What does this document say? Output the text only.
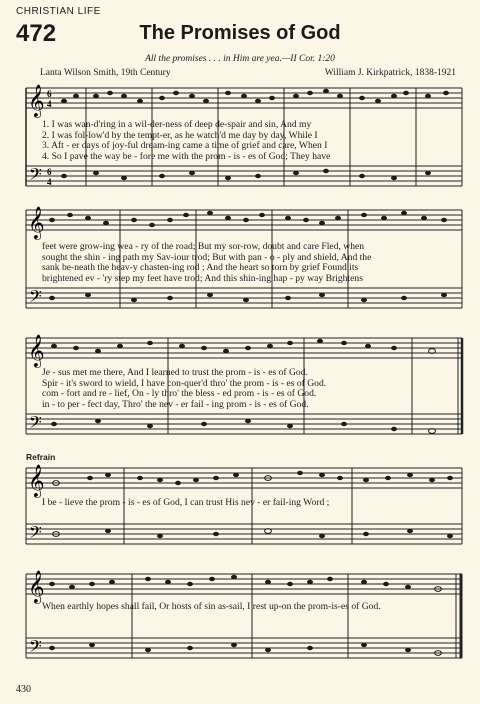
CHRISTIAN LIFE
472	The Promises of God
All the promises . . . in Him are yea.—II Cor. 1:20
Lanta Wilson Smith, 19th Century	William J. Kirkpatrick, 1838-1921
𝄞
𝄢
6
4
6
4
1. I was wan-d'ring in a wil-der-ness of deep de-spair and sin, And my
2. I was fol-low'd by the tempt-er, as he watch'd me day by day, While I
3. Aft - er days of joy-ful dream-ing came a time of grief and care, When I
4. So I pave the way be - fore me with the prom - is - es of God; They have
𝄞
𝄢
feet were grow-ing wea - ry of the road; But my sor-row, doubt and care Fled, when
sought the shin - ing path my Sav-iour trod; But with pan - o - ply and shield, And the
sank be-neath the heav-y chasten-ing rod ; And the heart so torn by grief Found its
brightened ev - 'ry step my feet have trod; And this shin-ing hap - py way Brightens
𝄞
𝄢
Je - sus met me there, And I learned to trust the prom - is - es of God.
Spir - it's sword to wield, I have con-quer'd thro' the prom - is - es of God.
com - fort and re - lief, On - ly thro' the bless - ed prom - is - es of God.
in - to per - fect day, Thro' the nev - er fail - ing prom - is - es of God.
Refrain
𝄞
𝄢
I be - lieve the prom - is - es of God, I can trust His nev - er fail-ing Word ;
𝄞
𝄢
When earthly hopes shall fail, Or hosts of sin as-sail, I rest up-on the prom-is-es of God.
430
